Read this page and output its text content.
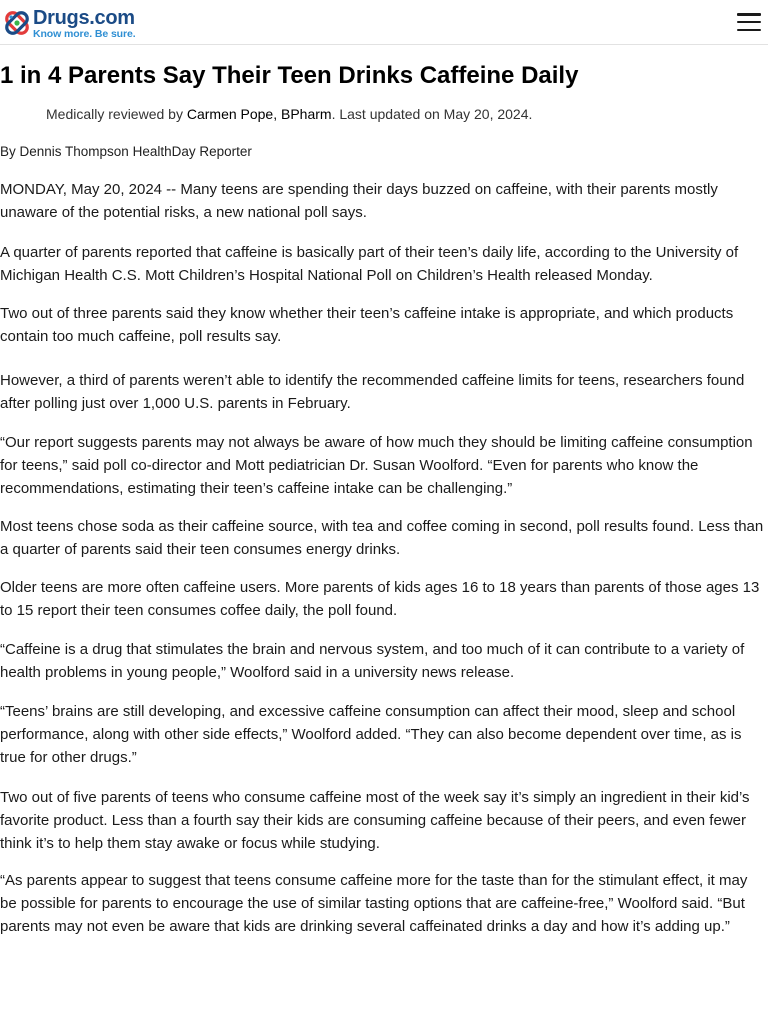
Drugs.com
Know more. Be sure.
1 in 4 Parents Say Their Teen Drinks Caffeine Daily
Medically reviewed by Carmen Pope, BPharm. Last updated on May 20, 2024.
By Dennis Thompson HealthDay Reporter

MONDAY, May 20, 2024 -- Many teens are spending their days buzzed on caffeine, with their parents mostly unaware of the potential risks, a new national poll says.

A quarter of parents reported that caffeine is basically part of their teen’s daily life, according to the University of Michigan Health C.S. Mott Children’s Hospital National Poll on Children’s Health released Monday.

Two out of three parents said they know whether their teen’s caffeine intake is appropriate, and which products contain too much caffeine, poll results say.

However, a third of parents weren’t able to identify the recommended caffeine limits for teens, researchers found after polling just over 1,000 U.S. parents in February.

“Our report suggests parents may not always be aware of how much they should be limiting caffeine consumption for teens,” said poll co-director and Mott pediatrician Dr. Susan Woolford. “Even for parents who know the recommendations, estimating their teen’s caffeine intake can be challenging.”

Most teens chose soda as their caffeine source, with tea and coffee coming in second, poll results found. Less than a quarter of parents said their teen consumes energy drinks.

Older teens are more often caffeine users. More parents of kids ages 16 to 18 years than parents of those ages 13 to 15 report their teen consumes coffee daily, the poll found.

“Caffeine is a drug that stimulates the brain and nervous system, and too much of it can contribute to a variety of health problems in young people,” Woolford said in a university news release.

“Teens’ brains are still developing, and excessive caffeine consumption can affect their mood, sleep and school performance, along with other side effects,” Woolford added. “They can also become dependent over time, as is true for other drugs.”

Two out of five parents of teens who consume caffeine most of the week say it’s simply an ingredient in their kid’s favorite product. Less than a fourth say their kids are consuming caffeine because of their peers, and even fewer think it’s to help them stay awake or focus while studying.

“As parents appear to suggest that teens consume caffeine more for the taste than for the stimulant effect, it may be possible for parents to encourage the use of similar tasting options that are caffeine-free,” Woolford said. “But parents may not even be aware that kids are drinking several caffeinated drinks a day and how it’s adding up.”
